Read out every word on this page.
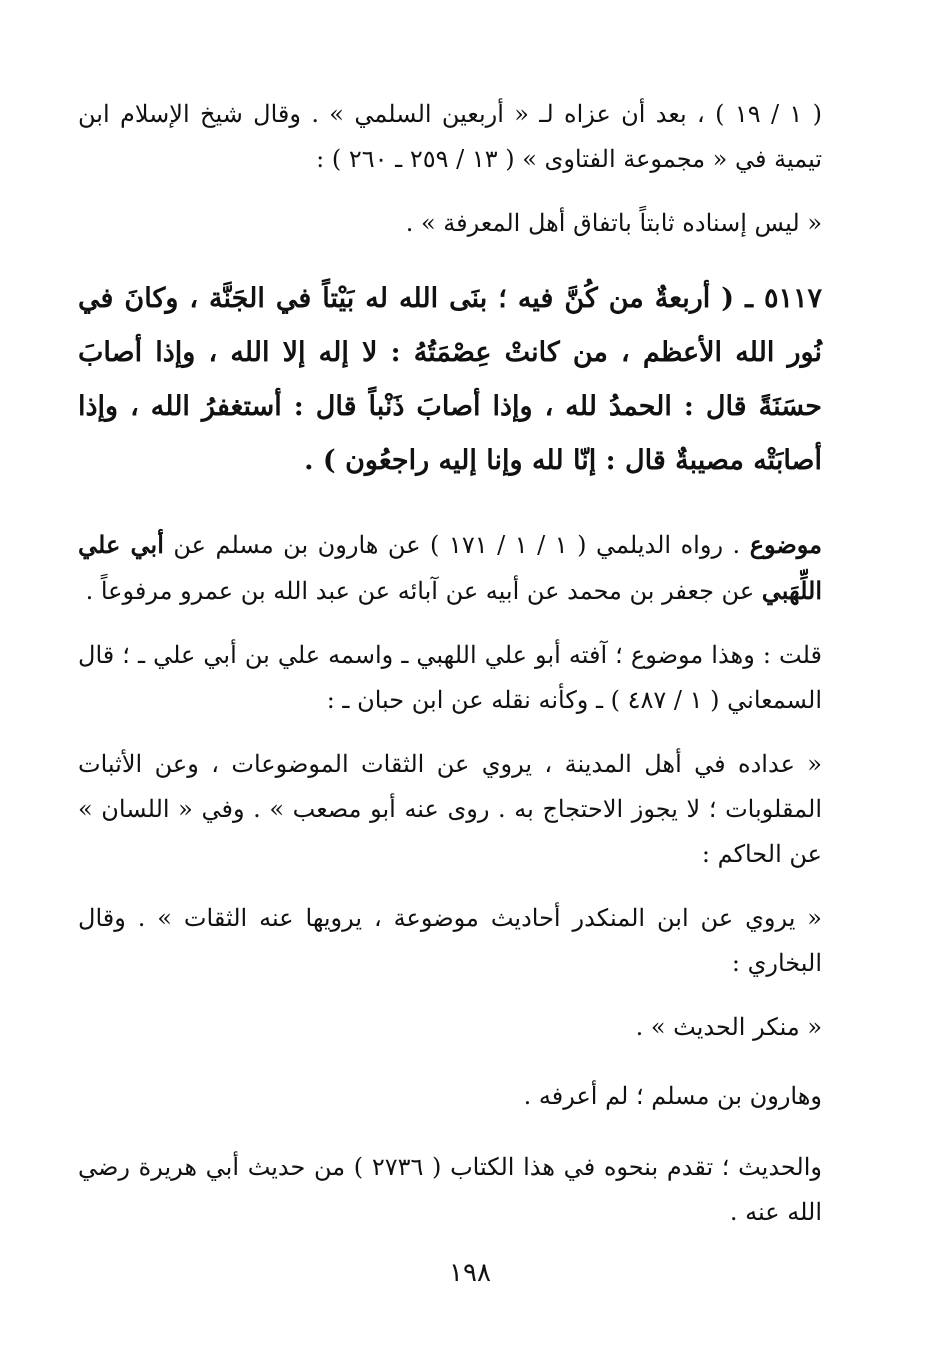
( ١ / ١٩ ) ، بعد أن عزاه لـ « أربعين السلمي » . وقال شيخ الإسلام ابن تيمية في « مجموعة الفتاوى » ( ١٣ / ٢٥٩ ـ ٢٦٠ ) :

« ليس إسناده ثابتاً باتفاق أهل المعرفة » .

٥١١٧ ـ ( أربعةٌ من كُنَّ فيه ؛ بنَى الله له بَيْتاً في الجَنَّة ، وكانَ في نُور الله الأعظم ، من كانتْ عِصْمَتُهُ : لا إله إلا الله ، وإذا أصابَ حسَنَةً قال : الحمدُ لله ، وإذا أصابَ ذَنْباً قال : أستغفرُ الله ، وإذا أصابَتْه مصيبةٌ قال : إنّا لله وإنا إليه راجعُون ) .

موضوع . رواه الديلمي ( ١ / ١ / ١٧١ ) عن هارون بن مسلم عن أبي علي اللِّهَبي عن جعفر بن محمد عن أبيه عن آبائه عن عبد الله بن عمرو مرفوعاً .

قلت : وهذا موضوع ؛ آفته أبو علي اللهبي ـ واسمه علي بن أبي علي ـ ؛ قال السمعاني ( ١ / ٤٨٧ ) ـ وكأنه نقله عن ابن حبان ـ :

« عداده في أهل المدينة ، يروي عن الثقات الموضوعات ، وعن الأثبات المقلوبات ؛ لا يجوز الاحتجاج به . روى عنه أبو مصعب » . وفي « اللسان » عن الحاكم :

« يروي عن ابن المنكدر أحاديث موضوعة ، يرويها عنه الثقات » . وقال البخاري :

« منكر الحديث » .

وهارون بن مسلم ؛ لم أعرفه .

والحديث ؛ تقدم بنحوه في هذا الكتاب ( ٢٧٣٦ ) من حديث أبي هريرة رضي الله عنه .

١٩٨
